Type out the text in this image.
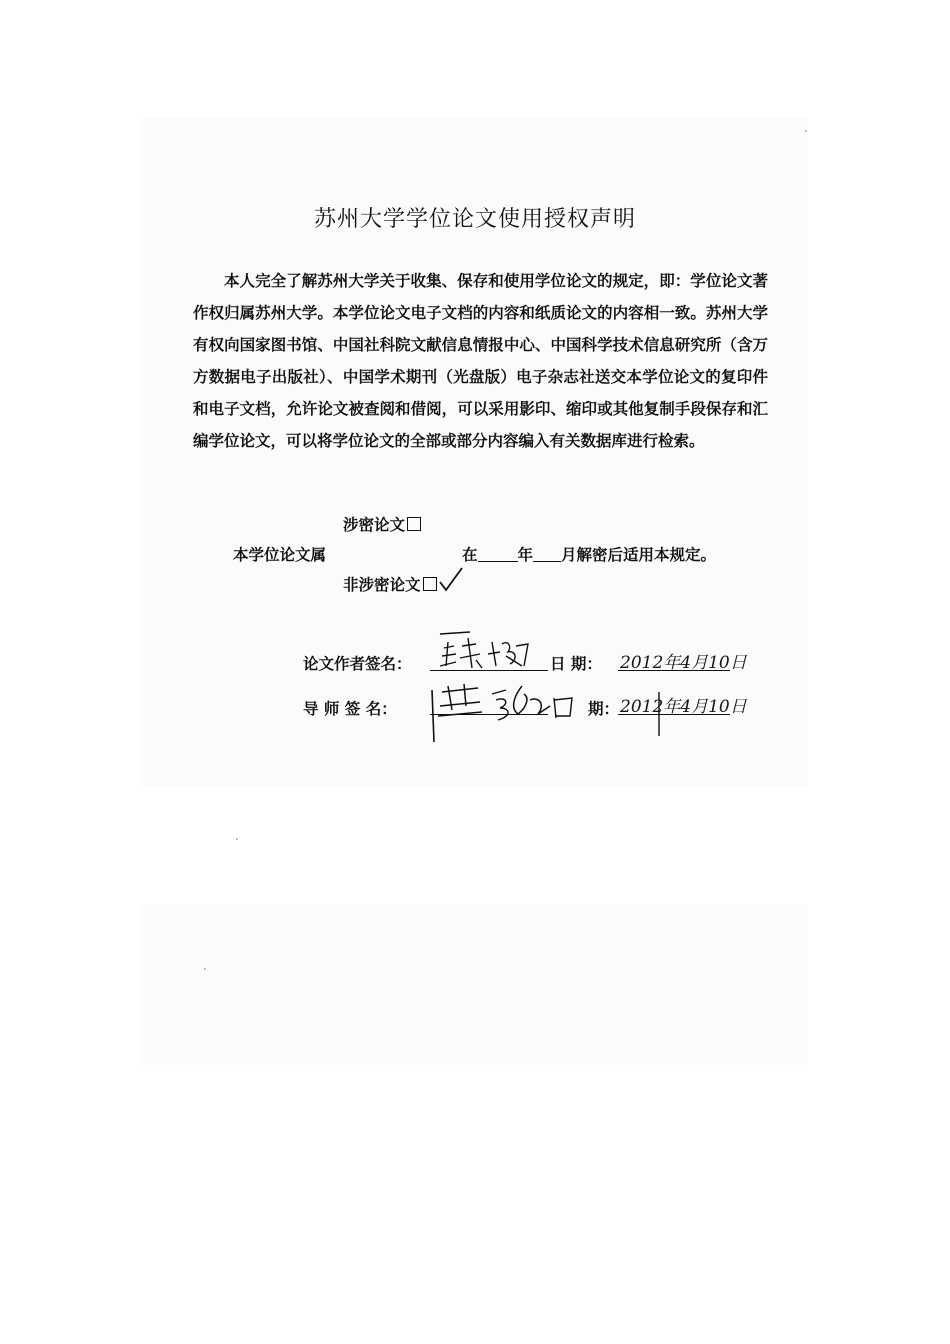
苏州大学学位论文使用授权声明
本人完全了解苏州大学关于收集、保存和使用学位论文的规定，即：学位论文著作权归属苏州大学。本学位论文电子文档的内容和纸质论文的内容相一致。苏州大学有权向国家图书馆、中国社科院文献信息情报中心、中国科学技术信息研究所（含万方数据电子出版社）、中国学术期刊（光盘版）电子杂志社送交本学位论文的复印件和电子文档，允许论文被查阅和借阅，可以采用影印、缩印或其他复制手段保存和汇编学位论文，可以将学位论文的全部或部分内容编入有关数据库进行检索。
涉密论文
本学位论文属	在	年 月解密后适用本规定。
非涉密论文
论文作者签名：	日 期： 2012年4月10日
导 师 签 名：	期： 2012年4月10日
